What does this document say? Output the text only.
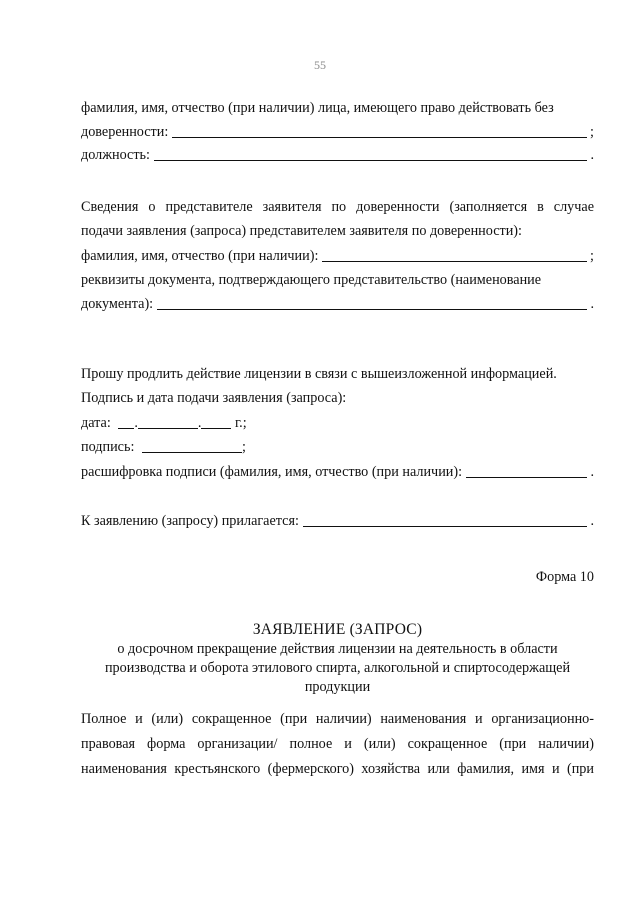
55
фамилия, имя, отчество (при наличии) лица, имеющего право действовать без
доверенности:	;
должность:	.
Сведения о представителе заявителя по доверенности (заполняется в случае
подачи заявления (запроса) представителем заявителя по доверенности):
фамилия, имя, отчество (при наличии):	;
реквизиты документа, подтверждающего представительство (наименование
документа):	.
Прошу продлить действие лицензии в связи с вышеизложенной информацией.
Подпись и дата подачи заявления (запроса):
дата: .	. г.;
подпись:	;
расшифровка подписи (фамилия, имя, отчество (при наличии):	.
К заявлению (запросу) прилагается:	.
Форма 10
ЗАЯВЛЕНИЕ (ЗАПРОС)
о досрочном прекращение действия лицензии на деятельность в области
производства и оборота этилового спирта, алкогольной и спиртосодержащей
продукции
Полное и (или) сокращенное (при наличии) наименования и организационно-
правовая форма организации/ полное и (или) сокращенное (при наличии)
наименования крестьянского (фермерского) хозяйства или фамилия, имя и (при
